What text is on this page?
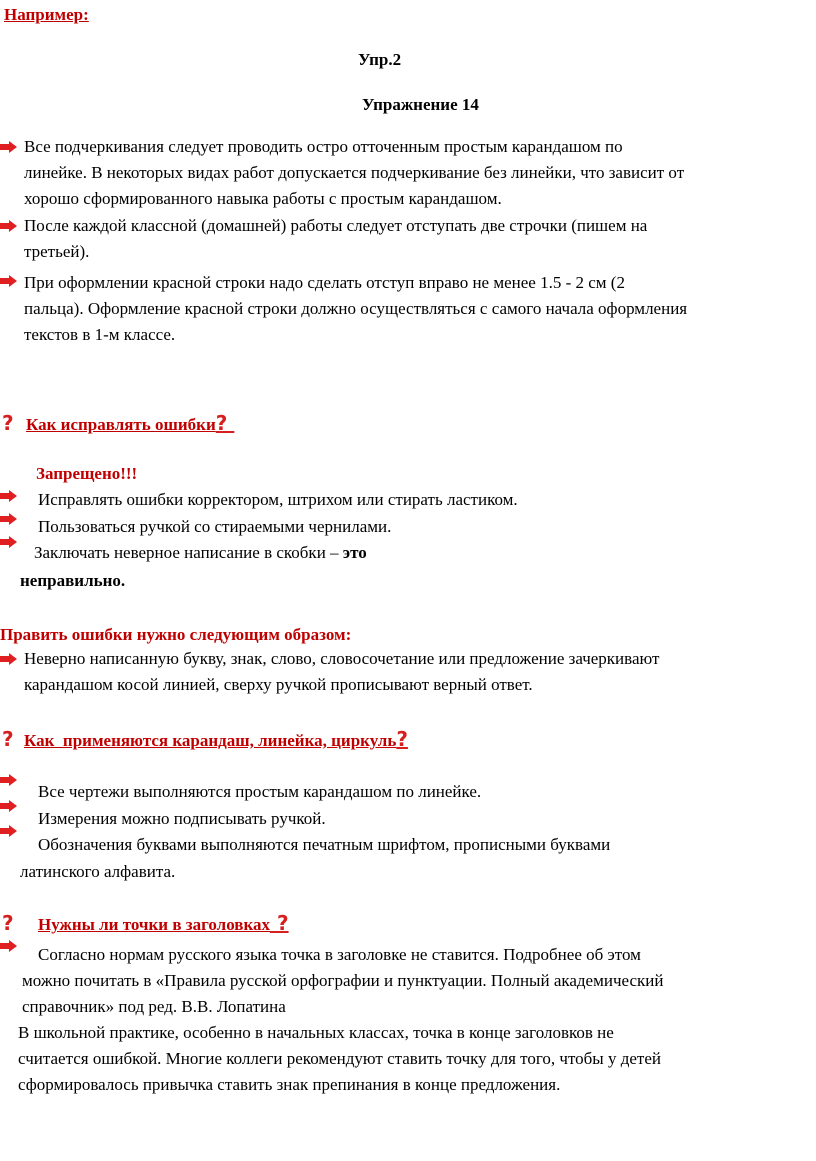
Например:
Упр.2
Упражнение 14

Все подчеркивания следует проводить остро отточенным простым карандашом по

линейке. В некоторых видах работ допускается подчеркивание без линейки, что зависит от

хорошо сформированного навыка работы с простым карандашом.

После каждой классной (домашней) работы следует отступать две строчки (пишем на

третьей).

При оформлении красной строки надо сделать отступ вправо не менее 1.5 - 2 см (2

пальца). Оформление красной строки должно осуществляться с самого начала оформления

текстов в 1-м классе.

? Как исправлять ошибки?
Запрещено!!!
Исправлять ошибки корректором, штрихом или стирать ластиком.
Пользоваться ручкой со стираемыми чернилами.
Заключать неверное написание в скобки – это
неправильно.
Править ошибки нужно следующим образом:

Неверно написанную букву, знак, слово, словосочетание или предложение зачеркивают

карандашом косой линией, сверху ручкой прописывают верный ответ.

? Как  применяются карандаш, линейка, циркуль?
Все чертежи выполняются простым карандашом по линейке.
Измерения можно подписывать ручкой.
Обозначения буквами выполняются печатным шрифтом, прописными буквами
латинского алфавита.
?	Нужны ли точки в заголовках ?
Согласно нормам русского языка точка в заголовке не ставится. Подробнее об этом
можно почитать в «Правила русской орфографии и пунктуации. Полный академический
справочник» под ред. В.В. Лопатина

В школьной практике, особенно в начальных классах, точка в конце заголовков не

считается ошибкой. Многие коллеги рекомендуют ставить точку для того, чтобы у детей

сформировалось привычка ставить знак препинания в конце предложения.
